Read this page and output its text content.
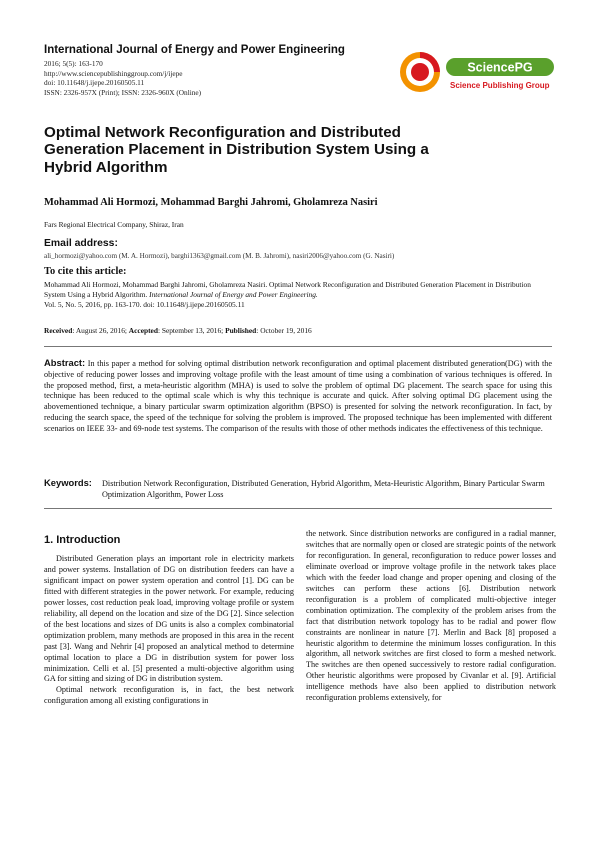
International Journal of Energy and Power Engineering
2016; 5(5): 163-170
http://www.sciencepublishinggroup.com/j/ijepe
doi: 10.11648/j.ijepe.20160505.11
ISSN: 2326-957X (Print); ISSN: 2326-960X (Online)
SciencePG
Science Publishing Group
Optimal Network Reconfiguration and Distributed
Generation Placement in Distribution System Using a
Hybrid Algorithm
Mohammad Ali Hormozi, Mohammad Barghi Jahromi, Gholamreza Nasiri
Fars Regional Electrical Company, Shiraz, Iran
Email address:
ali_hormozi@yahoo.com (M. A. Hormozi), barghi1363@gmail.com (M. B. Jahromi), nasiri2006@yahoo.com (G. Nasiri)
To cite this article:
Mohammad Ali Hormozi, Mohammad Barghi Jahromi, Gholamreza Nasiri. Optimal Network Reconfiguration and Distributed Generation Placement in Distribution System Using a Hybrid Algorithm. International Journal of Energy and Power Engineering.
Vol. 5, No. 5, 2016, pp. 163-170. doi: 10.11648/j.ijepe.20160505.11
Received: August 26, 2016; Accepted: September 13, 2016; Published: October 19, 2016
Abstract: In this paper a method for solving optimal distribution network reconfiguration and optimal placement distributed generation(DG) with the objective of reducing power losses and improving voltage profile with the least amount of time using a combination of various techniques is offered. In the proposed method, first, a meta-heuristic algorithm (MHA) is used to solve the problem of optimal DG placement. The search space for using this technique has been reduced to the optimal scale which is why this technique is accurate and quick. After solving optimal DG placement using the abovementioned technique, a binary particular swarm optimization algorithm (BPSO) is presented for solving the network reconfiguration. In fact, by reducing the search space, the speed of the technique for solving the problem is improved. The proposed technique has been implemented with different scenarios on IEEE 33- and 69-node test systems. The comparison of the results with those of other methods indicates the effectiveness of this technique.
Keywords: Distribution Network Reconfiguration, Distributed Generation, Hybrid Algorithm, Meta-Heuristic Algorithm, Binary Particular Swarm Optimization Algorithm, Power Loss
1. Introduction

Distributed Generation plays an important role in electricity markets and power systems. Installation of DG on distribution feeders can have a significant impact on power system operation and control [1]. DG can be fitted with different strategies in the power network. For example, reducing power losses, cost reduction peak load, improving voltage profile or system reliability, all depend on the location and size of the DG [2]. Since selection of the best locations and sizes of DG units is also a complex combinatorial optimization problem, many methods are proposed in this area in the recent past [3]. Wang and Nehrir [4] proposed an analytical method to determine optimal location to place a DG in distribution system for power loss minimization. Celli et al. [5] presented a multi-objective algorithm using GA for sitting and sizing of DG in distribution system.

Optimal network reconfiguration is, in fact, the best network configuration among all existing configurations in

the network. Since distribution networks are configured in a radial manner, switches that are normally open or closed are strategic points of the network for reconfiguration. In general, reconfiguration to reduce power losses and eliminate overload or improve voltage profile in the network takes place which with the feeder load change and proper opening and closing of the switches can perform these actions [6]. Distribution network reconfiguration is a problem of complicated multi-objective integer combination optimization. The complexity of the problem arises from the fact that distribution network topology has to be radial and power flow constraints are nonlinear in nature [7]. Merlin and Back [8] proposed a heuristic algorithm to determine the minimum losses configuration. In this algorithm, all network switches are first closed to form a meshed network. The switches are then opened successively to restore radial configuration. Other heuristic algorithms were proposed by Civanlar et al. [9]. Artificial intelligence methods have also been applied to distribution network reconfiguration problems extensively, for
